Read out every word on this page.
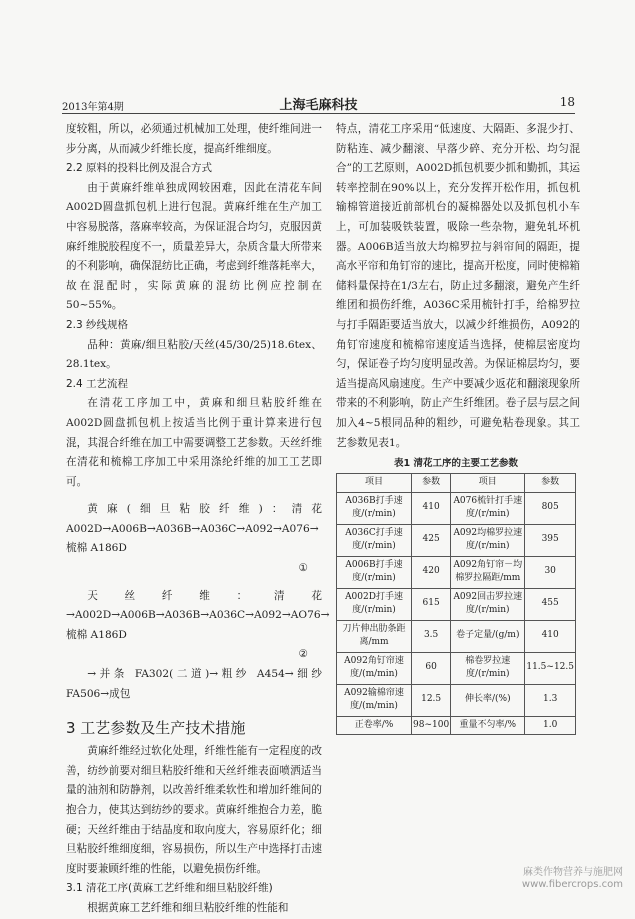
2013年第4期	上海毛麻科技	18
度较粗，所以，必须通过机械加工处理，使纤维间进一步分离，从而减少纤维长度，提高纤维细度。
2.2 原料的投料比例及混合方式
由于黄麻纤维单独成网较困难，因此在清花车间A002D圆盘抓包机上进行包混。黄麻纤维在生产加工中容易脱落，落麻率较高，为保证混合均匀，克服因黄麻纤维脱胶程度不一，质量差异大，杂质含量大所带来的不利影响，确保混纺比正确，考虑到纤维落耗率大，故在混配时，实际黄麻的混纺比例应控制在50~55%。
2.3 纱线规格
品种：黄麻/细旦粘胶/天丝(45/30/25)18.6tex、28.1tex。
2.4 工艺流程
在清花工序加工中，黄麻和细旦粘胶纤维在A002D圆盘抓包机上按适当比例于重计算来进行包混，其混合纤维在加工中需要调整工艺参数。天丝纤维在清花和梳棉工序加工中采用涤纶纤维的加工工艺即可。
黄麻(细旦粘胶纤维)：清花 A002D→A006B→A036B→A036C→A092→A076→梳棉 A186D
①
天丝纤维：清花→A002D→A006B→A036B→A036C→A092→AO76→梳棉 A186D
②
→并条 FA302(二道)→粗纱 A454→细纱 FA506→成包
3 工艺参数及生产技术措施
黄麻纤维经过软化处理，纤维性能有一定程度的改善，纺纱前要对细旦粘胶纤维和天丝纤维表面喷洒适当量的油剂和防静剂，以改善纤维柔软性和增加纤维间的抱合力，使其达到纺纱的要求。黄麻纤维抱合力差，脆硬；天丝纤维由于结晶度和取向度大，容易原纤化；细旦粘胶纤维细度细，容易损伤，所以生产中选择打击速度时要兼顾纤维的性能，以避免损伤纤维。
3.1 清花工序(黄麻工艺纤维和细旦粘胶纤维)
根据黄麻工艺纤维和细旦粘胶纤维的性能和
特点，清花工序采用“低速度、大隔距、多混少打、防粘连、减少翻滚、早落少碎、充分开松、均匀混合”的工艺原则，A002D抓包机要少抓和勤抓，其运转率控制在90%以上，充分发挥开松作用，抓包机输棉管道接近前部机台的凝棉器处以及抓包机小车上，可加装吸铁装置，吸除一些杂物，避免轧坏机器。A006B适当放大均棉罗拉与斜帘间的隔距，提高水平帘和角钉帘的速比，提高开松度，同时使棉箱储料量保持在1/3左右，防止过多翻滚，避免产生纤维团和损伤纤维，A036C采用梳针打手，给棉罗拉与打手隔距要适当放大，以减少纤维损伤，A092的角钉帘速度和梳棉帘速度适当选择，使棉层密度均匀，保证卷子均匀度明显改善。为保证棉层均匀，要适当提高风扇速度。生产中要减少返花和翻滚现象所带来的不利影响，防止产生纤维团。卷子层与层之间加入4~5根同品种的粗纱，可避免粘卷现象。其工艺参数见表1。
表1 清花工序的主要工艺参数
项目	参数	项目	参数
A036B打手速度/(r/min)	410	A076梳针打手速度/(r/min)	805
A036C打手速度/(r/min)	425	A092均棉罗拉速度/(r/min)	395
A006B打手速度/(r/min)	420	A092角钉帘－均棉罗拉隔距/mm	30
A002D打手速度/(r/min)	615	A092回击罗拉速度/(r/min)	455
刀片伸出肋条距离/mm	3.5	卷子定量/(g/m)	410
A092角钉帘速度/(m/min)	60	棉卷罗拉速度/(r/min)	11.5~12.5
A092输棉帘速度/(m/min)	12.5	伸长率/(%)	1.3
正卷率/%	98~100	重量不匀率/%	1.0
麻类作物营养与施肥网
www.fibercrops.com
